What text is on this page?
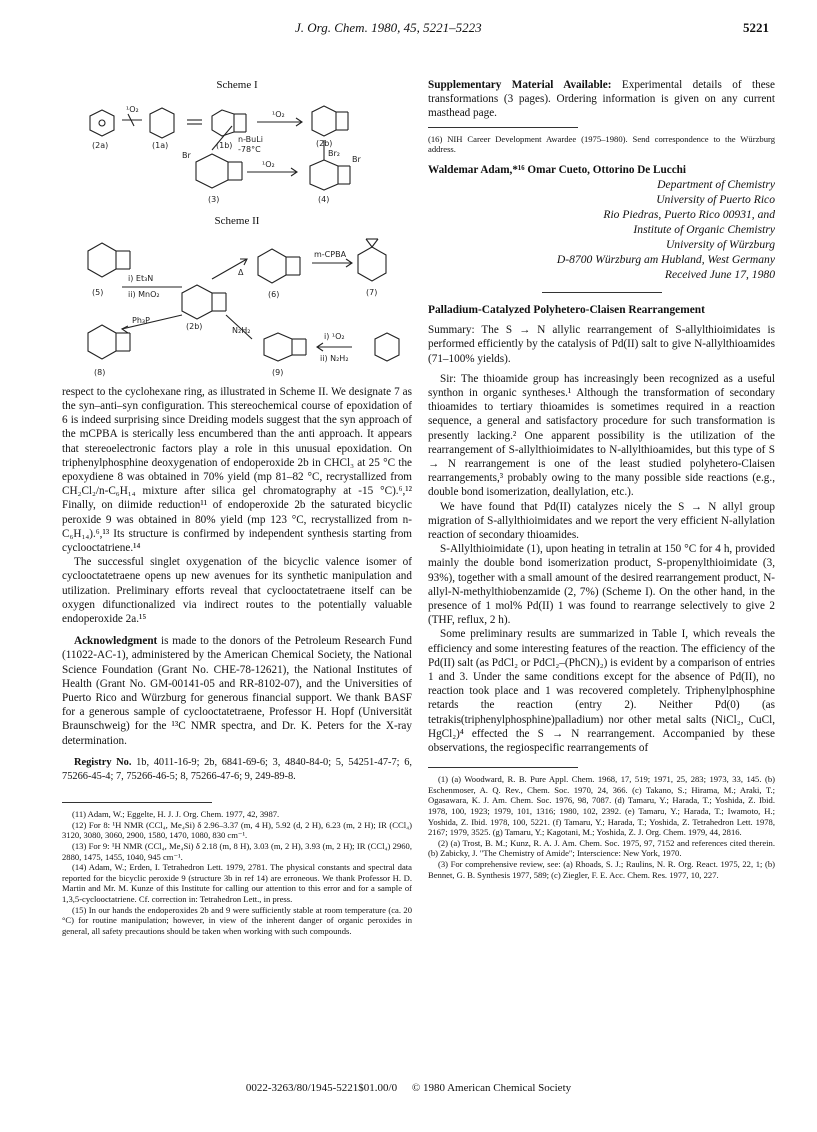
J. Org. Chem. 1980, 45, 5221–5223	5221
Scheme I
(2a)	(1a)	(1b)	(2b)
(3)	(4)
¹O₂
¹O₂
¹O₂
n-BuLi
-78°C	Br₂
Br	Br
Scheme II
(5)	(6)	(7)
(8)	(9)
i) Et₃N
ii) MnO₂
Δ
m-CPBA
Ph₃P
(2b)	N₂H₂
i) ¹O₂
ii) N₂H₂

respect to the cyclohexane ring, as illustrated in Scheme II. We designate 7 as the syn–anti–syn configuration. This stereochemical course of epoxidation of 6 is indeed surprising since Dreiding models suggest that the syn approach of the mCPBA is sterically less encumbered than the anti approach. It appears that stereoelectronic factors play a role in this unusual epoxidation. On triphenylphosphine deoxygenation of endoperoxide 2b in CHCl₃ at 25 °C the epoxydiene 8 was obtained in 70% yield (mp 81–82 °C, recrystallized from CH₂Cl₂/n-C₆H₁₄ mixture after silica gel chromatography at -15 °C).⁶,¹² Finally, on diimide reduction¹¹ of endoperoxide 2b the saturated bicyclic peroxide 9 was obtained in 80% yield (mp 123 °C, recrystallized from n-C₆H₁₄).⁶,¹³ Its structure is confirmed by independent synthesis starting from cyclooctatriene.¹⁴

The successful singlet oxygenation of the bicyclic valence isomer of cyclooctatetraene opens up new avenues for its synthetic manipulation and utilization. Preliminary efforts reveal that cyclooctatetraene itself can be oxygen difunctionalized via indirect routes to the potentially valuable endoperoxide 2a.¹⁵

Acknowledgment is made to the donors of the Petroleum Research Fund (11022-AC-1), administered by the American Chemical Society, the National Science Foundation (Grant No. CHE-78-12621), the National Institutes of Health (Grant No. GM-00141-05 and RR-8102-07), and the Universities of Puerto Rico and Würzburg for generous financial support. We thank BASF for a generous sample of cyclooctatetraene, Professor H. Hopf (Universität Braunschweig) for the ¹³C NMR spectra, and Dr. K. Peters for the X-ray determination.

Registry No. 1b, 4011-16-9; 2b, 6841-69-6; 3, 4840-84-0; 5, 54251-47-7; 6, 75266-45-4; 7, 75266-46-5; 8, 75266-47-6; 9, 249-89-8.

(11) Adam, W.; Eggelte, H. J. J. Org. Chem. 1977, 42, 3987.
(12) For 8: ¹H NMR (CCl₄, Me₄Si) δ 2.96–3.37 (m, 4 H), 5.92 (d, 2 H), 6.23 (m, 2 H); IR (CCl₄) 3120, 3080, 3060, 2900, 1580, 1470, 1080, 830 cm⁻¹.
(13) For 9: ¹H NMR (CCl₄, Me₄Si) δ 2.18 (m, 8 H), 3.03 (m, 2 H), 3.93 (m, 2 H); IR (CCl₄) 2960, 2880, 1475, 1455, 1040, 945 cm⁻¹.
(14) Adam, W.; Erden, I. Tetrahedron Lett. 1979, 2781. The physical constants and spectral data reported for the bicyclic peroxide 9 (structure 3b in ref 14) are erroneous. We thank Professor H. D. Martin and Mr. M. Kunze of this Institute for calling our attention to this error and for a sample of 1,3,5-cyclooctatriene. Cf. correction in: Tetrahedron Lett., in press.
(15) In our hands the endoperoxides 2b and 9 were sufficiently stable at room temperature (ca. 20 °C) for routine manipulation; however, in view of the inherent danger of organic peroxides in general, all safety precautions should be taken when working with such compounds.

Supplementary Material Available: Experimental details of these transformations (3 pages). Ordering information is given on any current masthead page.

(16) NIH Career Development Awardee (1975–1980). Send correspondence to the Würzburg address.
Waldemar Adam,*¹⁶ Omar Cueto, Ottorino De Lucchi
Department of Chemistry
University of Puerto Rico
Rio Piedras, Puerto Rico 00931, and
Institute of Organic Chemistry
University of Würzburg
D-8700 Würzburg am Hubland, West Germany
Received June 17, 1980
Palladium-Catalyzed Polyhetero-Claisen Rearrangement

Summary: The S → N allylic rearrangement of S-allylthioimidates is performed efficiently by the catalysis of Pd(II) salt to give N-allylthioamides (71–100% yields).

Sir: The thioamide group has increasingly been recognized as a useful synthon in organic syntheses.¹ Although the transformation of secondary thioamides to tertiary thioamides is sometimes required in a reaction sequence, a general and satisfactory procedure for such transformation is presently lacking.² One apparent possibility is the utilization of the rearrangement of S-allylthioimidates to N-allylthioamides, but this type of S → N rearrangement is one of the least studied polyhetero-Claisen rearrangements,³ probably owing to the many possible side reactions (e.g., double bond isomerization, deallylation, etc.).

We have found that Pd(II) catalyzes nicely the S → N allyl group migration of S-allylthioimidates and we report the very efficient N-allylation reaction of secondary thioamides.

S-Allylthioimidate (1), upon heating in tetralin at 150 °C for 4 h, provided mainly the double bond isomerization product, S-propenylthioimidate (3, 93%), together with a small amount of the desired rearrangement product, N-allyl-N-methylthiobenzamide (2, 7%) (Scheme I). On the other hand, in the presence of 1 mol% Pd(II) 1 was found to rearrange selectively to give 2 (THF, reflux, 2 h).

Some preliminary results are summarized in Table I, which reveals the efficiency and some interesting features of the reaction. The efficiency of the Pd(II) salt (as PdCl₂ or PdCl₂–(PhCN)₂) is evident by a comparison of entries 1 and 3. Under the same conditions except for the absence of Pd(II), no reaction took place and 1 was recovered completely. Triphenylphosphine retards the reaction (entry 2). Neither Pd(0) (as tetrakis(triphenylphosphine)palladium) nor other metal salts (NiCl₂, CuCl, HgCl₂)⁴ effected the S → N rearrangement. Accompanied by these observations, the regiospecific rearrangements of

(1) (a) Woodward, R. B. Pure Appl. Chem. 1968, 17, 519; 1971, 25, 283; 1973, 33, 145. (b) Eschenmoser, A. Q. Rev., Chem. Soc. 1970, 24, 366. (c) Takano, S.; Hirama, M.; Araki, T.; Ogasawara, K. J. Am. Chem. Soc. 1976, 98, 7087. (d) Tamaru, Y.; Harada, T.; Yoshida, Z. Ibid. 1978, 100, 1923; 1979, 101, 1316; 1980, 102, 2392. (e) Tamaru, Y.; Harada, T.; Iwamoto, H.; Yoshida, Z. Ibid. 1978, 100, 5221. (f) Tamaru, Y.; Harada, T.; Yoshida, Z. Tetrahedron Lett. 1978, 2167; 1979, 3525. (g) Tamaru, Y.; Kagotani, M.; Yoshida, Z. J. Org. Chem. 1979, 44, 2816.
(2) (a) Trost, B. M.; Kunz, R. A. J. Am. Chem. Soc. 1975, 97, 7152 and references cited therein. (b) Zabicky, J. "The Chemistry of Amide"; Interscience: New York, 1970.
(3) For comprehensive review, see: (a) Rhoads, S. J.; Raulins, N. R. Org. React. 1975, 22, 1; (b) Bennet, G. B. Synthesis 1977, 589; (c) Ziegler, F. E. Acc. Chem. Res. 1977, 10, 227.
0022-3263/80/1945-5221$01.00/0 © 1980 American Chemical Society
